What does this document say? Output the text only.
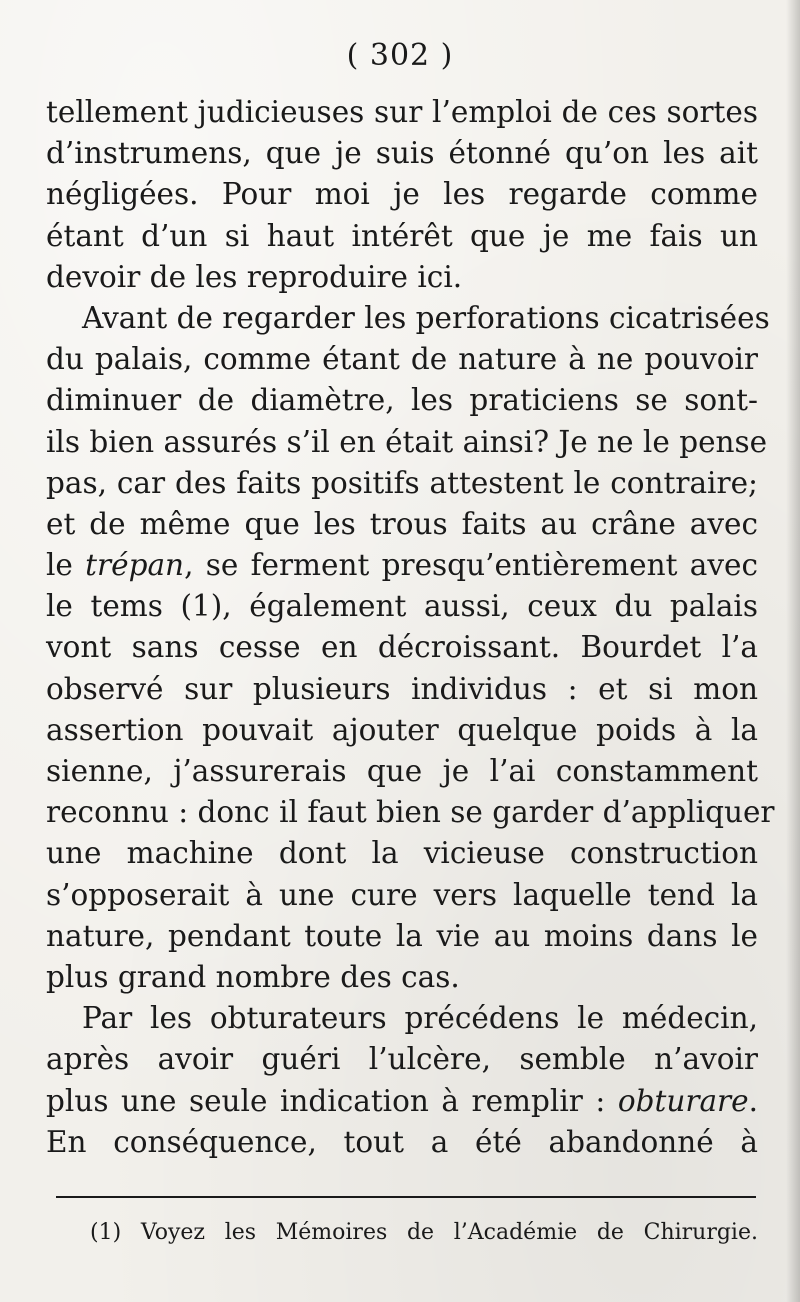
( 302 )
tellement judicieuses sur l’emploi de ces sortes
d’instrumens, que je suis étonné qu’on les ait
négligées. Pour moi je les regarde comme
étant d’un si haut intérêt que je me fais un
devoir de les reproduire ici.
Avant de regarder les perforations cicatrisées
du palais, comme étant de nature à ne pouvoir
diminuer de diamètre, les praticiens se sont-
ils bien assurés s’il en était ainsi? Je ne le pense
pas, car des faits positifs attestent le contraire;
et de même que les trous faits au crâne avec
le trépan, se ferment presqu’entièrement avec
le tems (1), également aussi, ceux du palais
vont sans cesse en décroissant. Bourdet l’a
observé sur plusieurs individus : et si mon
assertion pouvait ajouter quelque poids à la
sienne, j’assurerais que je l’ai constamment
reconnu : donc il faut bien se garder d’appliquer
une machine dont la vicieuse construction
s’opposerait à une cure vers laquelle tend la
nature, pendant toute la vie au moins dans le
plus grand nombre des cas.
Par les obturateurs précédens le médecin,
après avoir guéri l’ulcère, semble n’avoir
plus une seule indication à remplir : obturare.
En conséquence, tout a été abandonné à
(1) Voyez les Mémoires de l’Académie de Chirurgie.
